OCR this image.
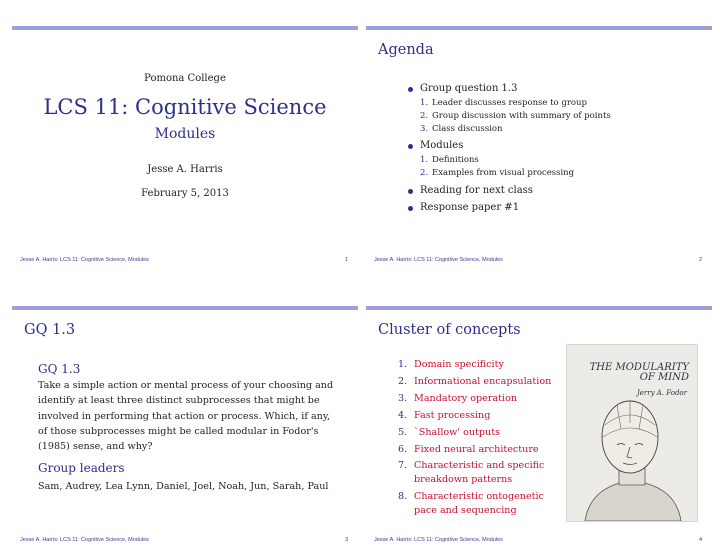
Pomona College
LCS 11: Cognitive Science
Modules
Jesse A. Harris
February 5, 2013
Jesse A. Harris: LCS 11: Cognitive Science, Modules	1
Agenda
Group question 1.3
1. Leader discusses response to group
2. Group discussion with summary of points
3. Class discussion
Modules
1. Definitions
2. Examples from visual processing
Reading for next class
Response paper #1
Jesse A. Harris: LCS 11: Cognitive Science, Modules	2
GQ 1.3
GQ 1.3
Take a simple action or mental process of your choosing and identify at least three distinct subprocesses that might be involved in performing that action or process. Which, if any, of those subprocesses might be called modular in Fodor's (1985) sense, and why?
Group leaders
Sam, Audrey, Lea Lynn, Daniel, Joel, Noah, Jun, Sarah, Paul
Jesse A. Harris: LCS 11: Cognitive Science, Modules	3
Cluster of concepts
1. Domain specificity
2. Informational encapsulation
3. Mandatory operation
4. Fast processing
5. `Shallow' outputs
6. Fixed neural architecture
7. Characteristic and specific breakdown patterns
8. Characteristic ontogenetic pace and sequencing
THE MODULARITY OF MIND
Jerry A. Fodor
Jesse A. Harris: LCS 11: Cognitive Science, Modules	4
